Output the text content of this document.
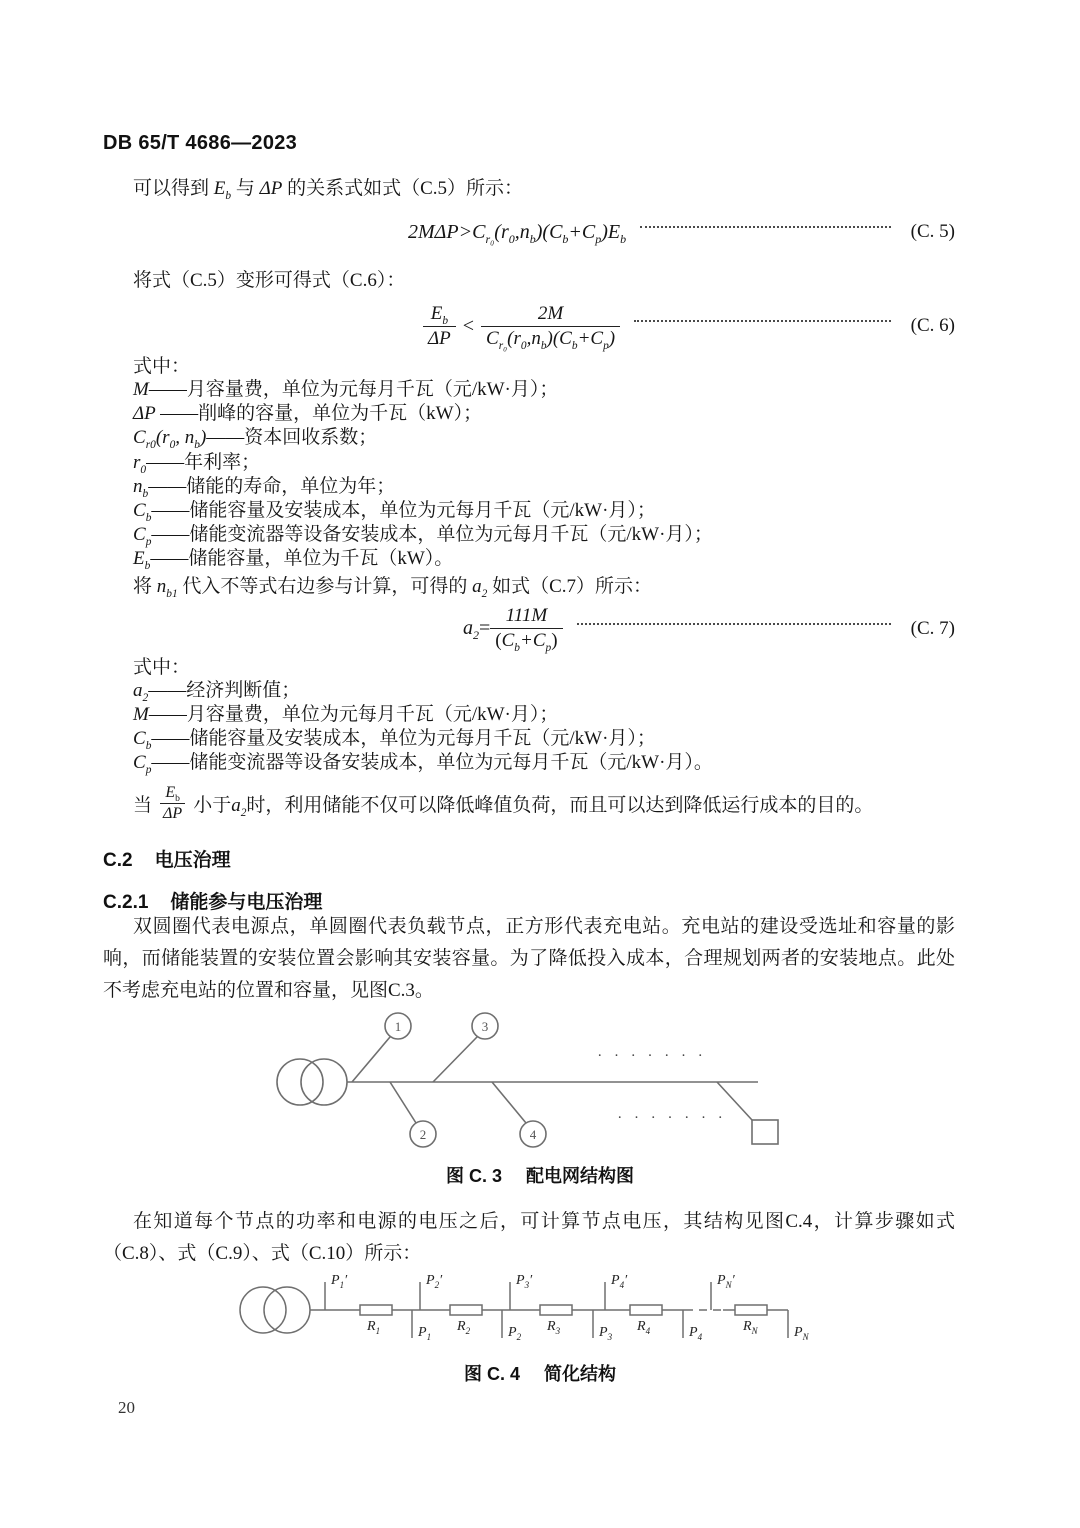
DB 65/T 4686—2023

可以得到 $E_b$ 与 ΔP 的关系式如式（C.5）所示：

$2M\Delta P>C_{r_0}(r_0,n_b)(C_b+C_p)E_b$	(C. 5)

将式（C.5）变形可得式（C.6）：

$\frac{E_b}{\Delta P} < \frac{2M}{C_{r_0}(r_0,n_b)(C_b+C_p)}$	(C. 6)
式中：
M——月容量费，单位为元每月千瓦（元/kW·月）；
ΔP ——削峰的容量，单位为千瓦（kW）；
$C_{r0}(r_0$, $n_b)——$资本回收系数；
$r_0——$年利率；
$n_b——$储能的寿命，单位为年；
$C_b——$储能容量及安装成本，单位为元每月千瓦（元/kW·月）；
$C_p——$储能变流器等设备安装成本，单位为元每月千瓦（元/kW·月）；
$E_b——$储能容量，单位为千瓦（kW）。

将 $n_{b1}$ 代入不等式右边参与计算，可得的 $a_2$ 如式（C.7）所示：

$a_2= \frac{111M}{(C_b+C_p)}$	(C. 7)
式中：
$a_2——$经济判断值；
M——月容量费，单位为元每月千瓦（元/kW·月）；
$C_b——$储能容量及安装成本，单位为元每月千瓦（元/kW·月）；
$C_p——$储能变流器等设备安装成本，单位为元每月千瓦（元/kW·月）。
当 $\frac{E_b}{\Delta P}$ 小于$a_2$时，利用储能不仅可以降低峰值负荷，而且可以达到降低运行成本的目的。
C.2 电压治理
C.2.1 储能参与电压治理

双圆圈代表电源点，单圆圈代表负载节点，正方形代表充电站。充电站的建设受选址和容量的影响，而储能装置的安装位置会影响其安装容量。为了降低投入成本，合理规划两者的安装地点。此处不考虑充电站的位置和容量，见图C.3。

1
2
3
4
· · · · · · ·
· · · · · · ·

图 C. 3 配电网结构图

在知道每个节点的功率和电源的电压之后，可计算节点电压，其结构见图C.4，计算步骤如式（C.8）、式（C.9）、式（C.10）所示：

$P_1'$	$P_2'$	$P_3'$	$P_4'$	$P_N'$
$R_1$	$R_2$	$R_3$	$R_4$	$R_N$
$P_1$	$P_2$	$P_3$	$P_4$	$P_N$

图 C. 4 简化结构

20
